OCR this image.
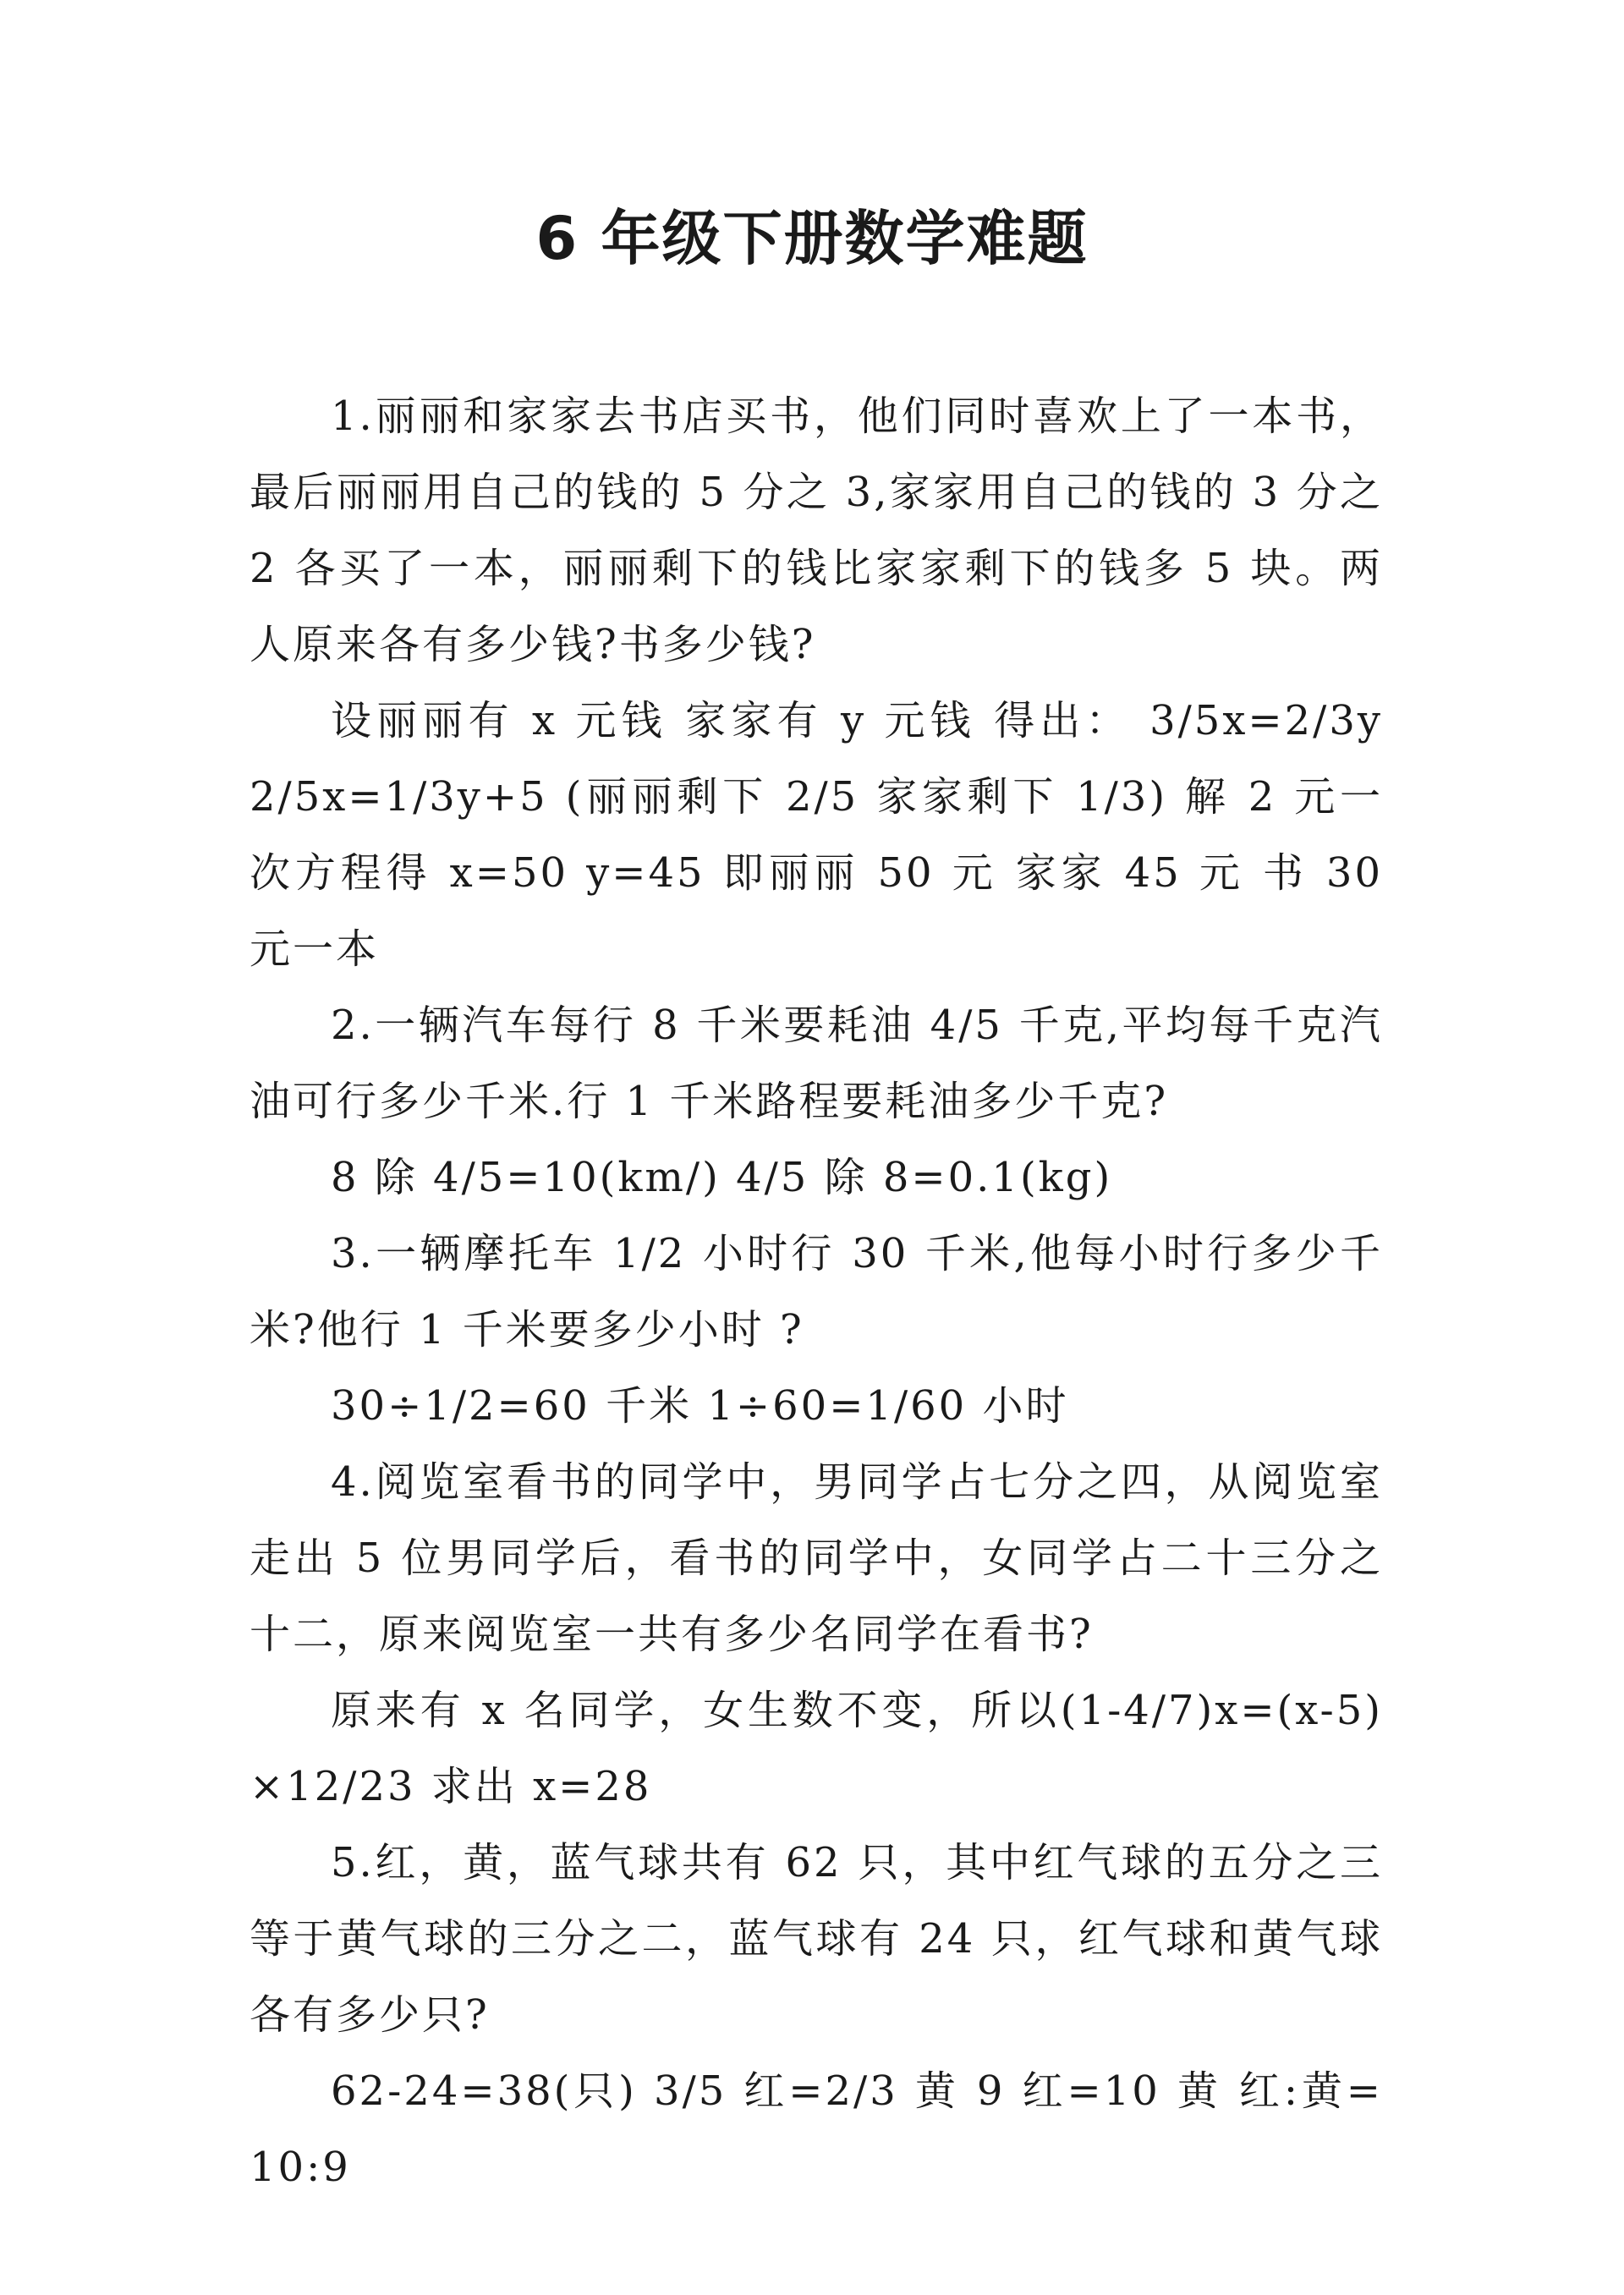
6 年级下册数学难题

1.丽丽和家家去书店买书，他们同时喜欢上了一本书，最后丽丽用自己的钱的 5 分之 3,家家用自己的钱的 3 分之 2 各买了一本，丽丽剩下的钱比家家剩下的钱多 5 块。两人原来各有多少钱?书多少钱?

设丽丽有 x 元钱 家家有 y 元钱 得出： 3/5x=2/3y 2/5x=1/3y+5 (丽丽剩下 2/5 家家剩下 1/3) 解 2 元一次方程得 x=50 y=45 即丽丽 50 元 家家 45 元 书 30 元一本

2.一辆汽车每行 8 千米要耗油 4/5 千克,平均每千克汽油可行多少千米.行 1 千米路程要耗油多少千克?

8 除 4/5=10(km/) 4/5 除 8=0.1(kg)

3.一辆摩托车 1/2 小时行 30 千米,他每小时行多少千米?他行 1 千米要多少小时 ?

30÷1/2=60 千米 1÷60=1/60 小时

4.阅览室看书的同学中，男同学占七分之四，从阅览室走出 5 位男同学后，看书的同学中，女同学占二十三分之十二，原来阅览室一共有多少名同学在看书?

原来有 x 名同学，女生数不变，所以(1-4/7)x=(x-5)×12/23 求出 x=28

5.红，黄，蓝气球共有 62 只，其中红气球的五分之三等于黄气球的三分之二，蓝气球有 24 只，红气球和黄气球各有多少只?

62-24=38(只) 3/5 红=2/3 黄 9 红=10 黄 红:黄=10:9
